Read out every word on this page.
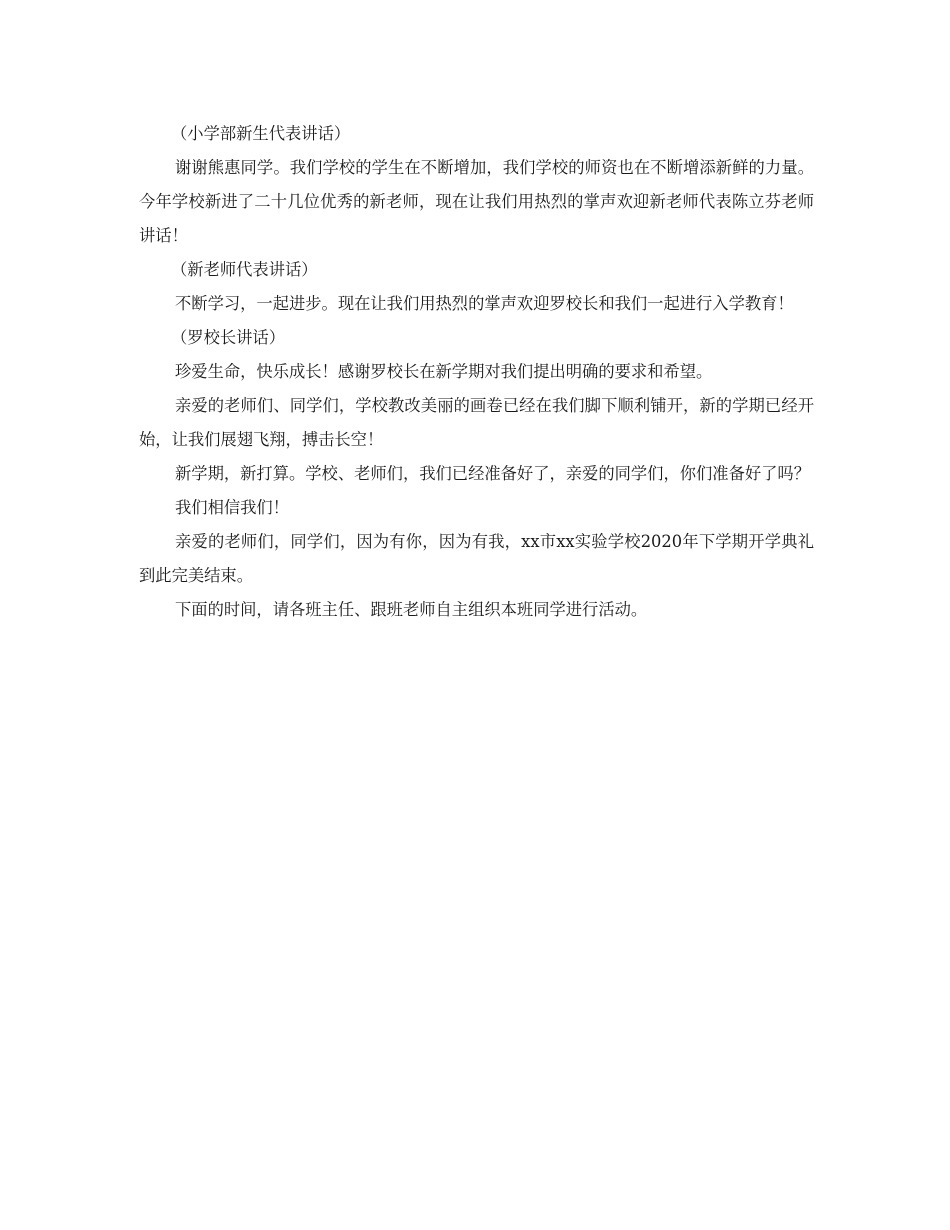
（小学部新生代表讲话）

谢谢熊惠同学。我们学校的学生在不断增加，我们学校的师资也在不断增添新鲜的力量。今年学校新进了二十几位优秀的新老师，现在让我们用热烈的掌声欢迎新老师代表陈立芬老师讲话！

（新老师代表讲话）

不断学习，一起进步。现在让我们用热烈的掌声欢迎罗校长和我们一起进行入学教育！

（罗校长讲话）

珍爱生命，快乐成长！感谢罗校长在新学期对我们提出明确的要求和希望。

亲爱的老师们、同学们，学校教改美丽的画卷已经在我们脚下顺利铺开，新的学期已经开始，让我们展翅飞翔，搏击长空！

新学期，新打算。学校、老师们，我们已经准备好了，亲爱的同学们，你们准备好了吗？

我们相信我们！

亲爱的老师们，同学们，因为有你，因为有我，xx市xx实验学校2020年下学期开学典礼到此完美结束。

下面的时间，请各班主任、跟班老师自主组织本班同学进行活动。
